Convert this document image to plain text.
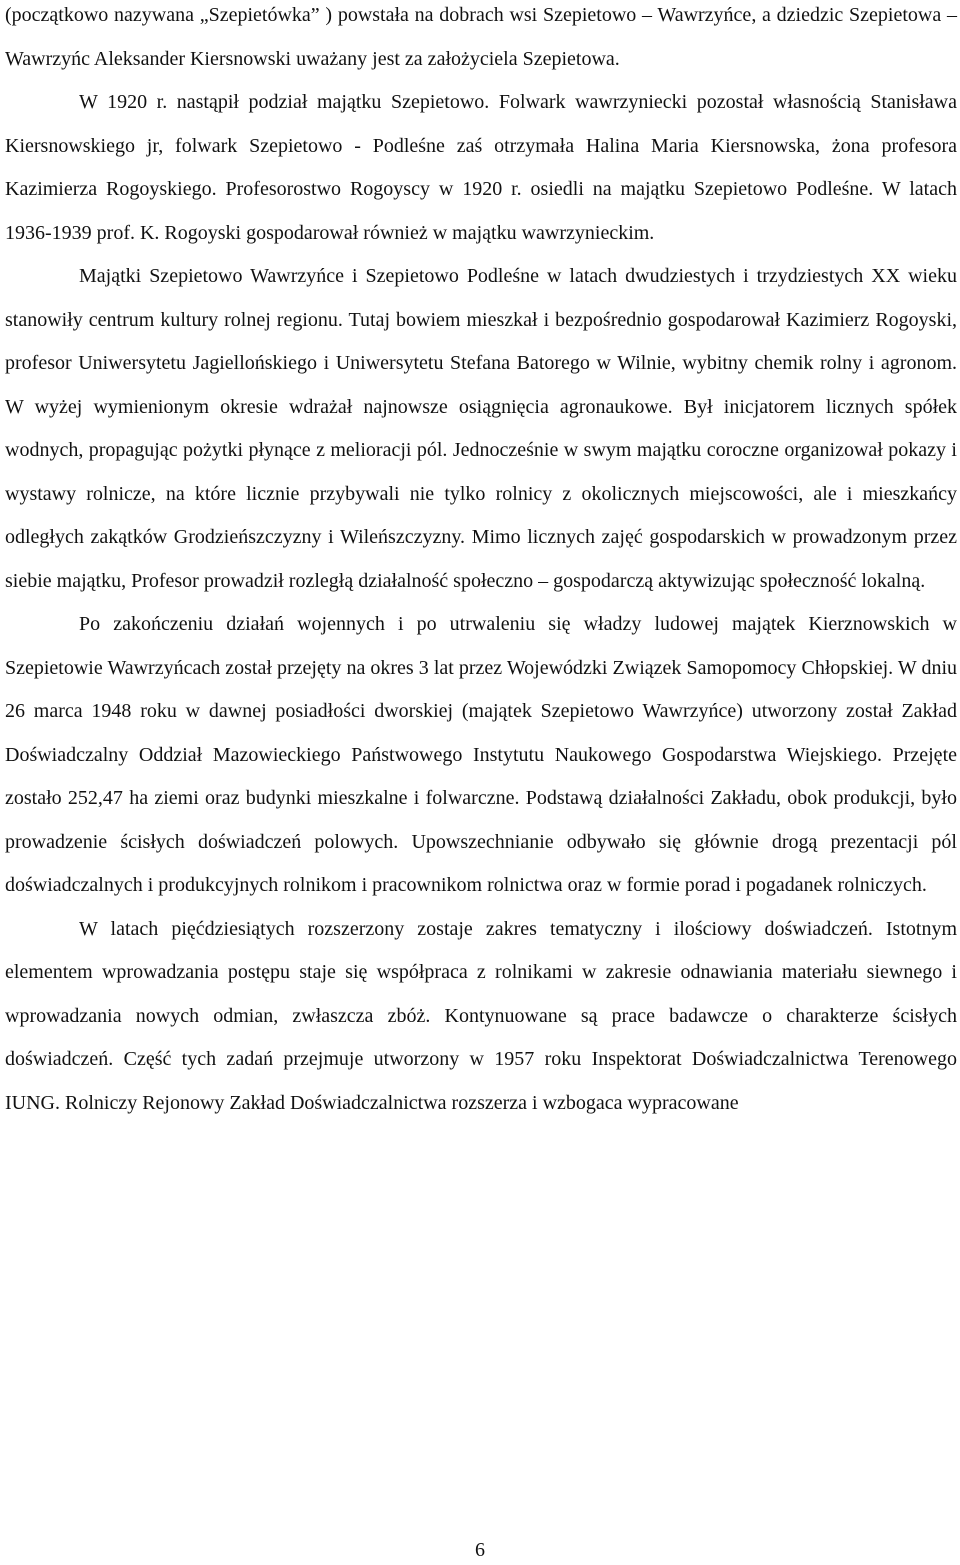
(początkowo nazywana „Szepietówka” ) powstała na dobrach wsi Szepietowo – Wawrzyńce, a dziedzic Szepietowa – Wawrzyńc Aleksander Kiersnowski uważany jest za założyciela Szepietowa.

W 1920 r. nastąpił podział majątku Szepietowo. Folwark wawrzyniecki pozostał własnością Stanisława Kiersnowskiego jr, folwark Szepietowo - Podleśne zaś otrzymała Halina Maria Kiersnowska, żona profesora Kazimierza Rogoyskiego. Profesorostwo Rogoyscy w 1920 r. osiedli na majątku Szepietowo Podleśne. W latach 1936-1939 prof. K. Rogoyski gospodarował również w majątku wawrzynieckim.

Majątki Szepietowo Wawrzyńce i Szepietowo Podleśne w latach dwudziestych i trzydziestych XX wieku stanowiły centrum kultury rolnej regionu. Tutaj bowiem mieszkał i bezpośrednio gospodarował Kazimierz Rogoyski, profesor Uniwersytetu Jagiellońskiego i Uniwersytetu Stefana Batorego w Wilnie, wybitny chemik rolny i agronom. W wyżej wymienionym okresie wdrażał najnowsze osiągnięcia agronaukowe. Był inicjatorem licznych spółek wodnych, propagując pożytki płynące z melioracji pól. Jednocześnie w swym majątku coroczne organizował pokazy i wystawy rolnicze, na które licznie przybywali nie tylko rolnicy z okolicznych miejscowości, ale i mieszkańcy odległych zakątków Grodzieńszczyzny i Wileńszczyzny. Mimo licznych zajęć gospodarskich w prowadzonym przez siebie majątku, Profesor prowadził rozległą działalność społeczno – gospodarczą aktywizując społeczność lokalną.

Po zakończeniu działań wojennych i po utrwaleniu się władzy ludowej majątek Kierznowskich w Szepietowie Wawrzyńcach został przejęty na okres 3 lat przez Wojewódzki Związek Samopomocy Chłopskiej. W dniu 26 marca 1948 roku w dawnej posiadłości dworskiej (majątek Szepietowo Wawrzyńce) utworzony został Zakład Doświadczalny Oddział Mazowieckiego Państwowego Instytutu Naukowego Gospodarstwa Wiejskiego. Przejęte zostało 252,47 ha ziemi oraz budynki mieszkalne i folwarczne. Podstawą działalności Zakładu, obok produkcji, było prowadzenie ścisłych doświadczeń polowych. Upowszechnianie odbywało się głównie drogą prezentacji pól doświadczalnych i produkcyjnych rolnikom i pracownikom rolnictwa oraz w formie porad i pogadanek rolniczych.

W latach pięćdziesiątych rozszerzony zostaje zakres tematyczny i ilościowy doświadczeń. Istotnym elementem wprowadzania postępu staje się współpraca z rolnikami w zakresie odnawiania materiału siewnego i wprowadzania nowych odmian, zwłaszcza zbóż. Kontynuowane są prace badawcze o charakterze ścisłych doświadczeń. Część tych zadań przejmuje utworzony w 1957 roku Inspektorat Doświadczalnictwa Terenowego IUNG. Rolniczy Rejonowy Zakład Doświadczalnictwa rozszerza i wzbogaca wypracowane

6
